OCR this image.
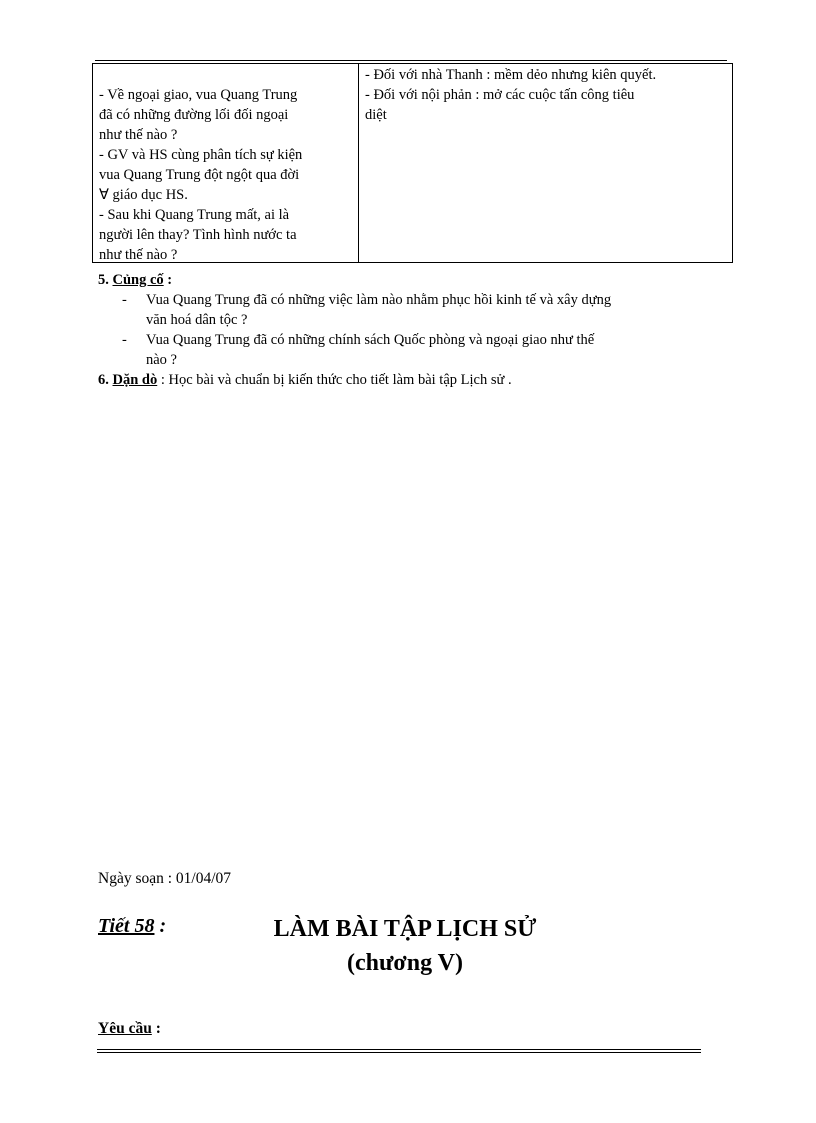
- Về ngoại giao, vua Quang Trung
đã có những đường lối đối ngoại
như thế nào ?
- GV và HS cùng phân tích sự kiện
vua Quang Trung đột ngột qua đời
∀ giáo dục HS.
- Sau khi Quang Trung mất, ai là
người lên thay? Tình hình nước ta
như thế nào ?
- Đối với nhà Thanh : mềm dẻo nhưng kiên quyết.
- Đối với nội phản : mở các cuộc tấn công tiêu
diệt
5. Củng cố :
- Vua Quang Trung đã có những việc làm nào nhằm phục hồi kinh tế và xây dựng
văn hoá dân tộc ?
- Vua Quang Trung đã có những chính sách Quốc phòng và ngoại giao như thế
nào ?
6. Dặn dò : Học bài và chuẩn bị kiến thức cho tiết làm bài tập Lịch sử .
Ngày soạn : 01/04/07
Tiết 58 :	LÀM BÀI TẬP LỊCH SỬ
(chương V)
Yêu cầu :
